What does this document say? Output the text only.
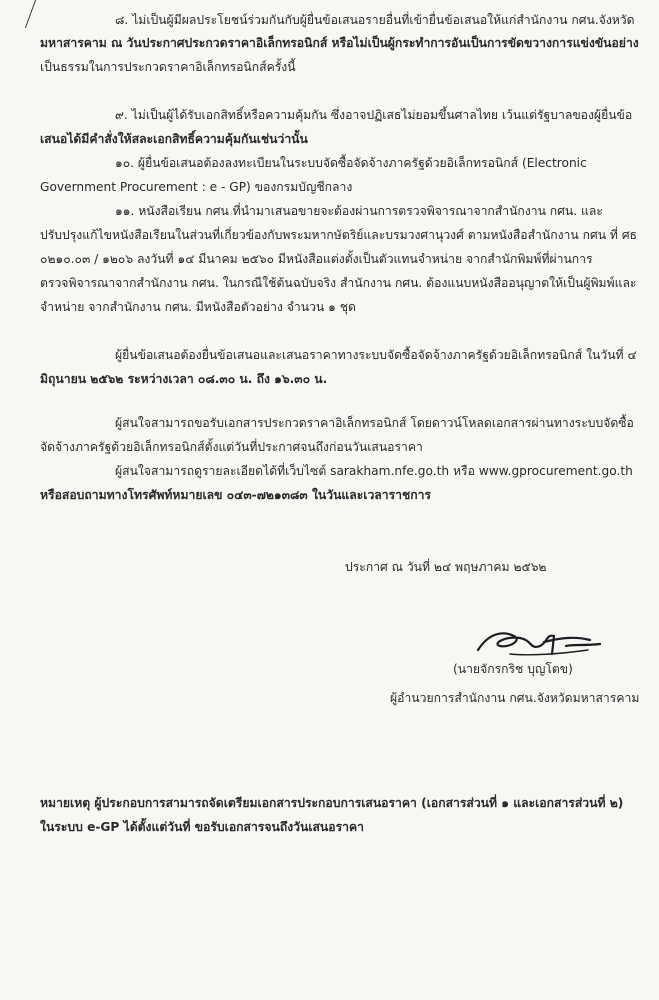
๘. ไม่เป็นผู้มีผลประโยชน์ร่วมกันกับผู้ยื่นข้อเสนอรายอื่นที่เข้ายื่นข้อเสนอให้แก่สำนักงาน กศน.จังหวัด

มหาสารคาม ณ วันประกาศประกวดราคาอิเล็กทรอนิกส์ หรือไม่เป็นผู้กระทำการอันเป็นการขัดขวางการแข่งขันอย่าง

เป็นธรรมในการประกวดราคาอิเล็กทรอนิกส์ครั้งนี้

๙. ไม่เป็นผู้ได้รับเอกสิทธิ์หรือความคุ้มกัน ซึ่งอาจปฏิเสธไม่ยอมขึ้นศาลไทย เว้นแต่รัฐบาลของผู้ยื่นข้อ

เสนอได้มีคำสั่งให้สละเอกสิทธิ์ความคุ้มกันเช่นว่านั้น

๑๐. ผู้ยื่นข้อเสนอต้องลงทะเบียนในระบบจัดซื้อจัดจ้างภาครัฐด้วยอิเล็กทรอนิกส์ (Electronic

Government Procurement : e - GP) ของกรมบัญชีกลาง

๑๑. หนังสือเรียน กศน ที่นำมาเสนอขายจะต้องผ่านการตรวจพิจารณาจากสำนักงาน กศน. และ

ปรับปรุงแก้ไขหนังสือเรียนในส่วนที่เกี่ยวข้องกับพระมหากษัตริย์และบรมวงศานุวงศ์ ตามหนังสือสำนักงาน กศน ที่ ศธ

๐๒๑๐.๐๓ / ๑๒๐๖ ลงวันที่ ๑๔ มีนาคม ๒๕๖๐ มีหนังสือแต่งตั้งเป็นตัวแทนจำหน่าย จากสำนักพิมพ์ที่ผ่านการ

ตรวจพิจารณาจากสำนักงาน กศน. ในกรณีใช้ต้นฉบับจริง สำนักงาน กศน. ต้องแนบหนังสืออนุญาตให้เป็นผู้พิมพ์และ

จำหน่าย จากสำนักงาน กศน. มีหนังสือตัวอย่าง จำนวน ๑ ชุด

ผู้ยื่นข้อเสนอต้องยื่นข้อเสนอและเสนอราคาทางระบบจัดซื้อจัดจ้างภาครัฐด้วยอิเล็กทรอนิกส์ ในวันที่ ๔

มิถุนายน ๒๕๖๒ ระหว่างเวลา ๐๘.๓๐ น. ถึง ๑๖.๓๐ น.

ผู้สนใจสามารถขอรับเอกสารประกวดราคาอิเล็กทรอนิกส์ โดยดาวน์โหลดเอกสารผ่านทางระบบจัดซื้อ

จัดจ้างภาครัฐด้วยอิเล็กทรอนิกส์ตั้งแต่วันที่ประกาศจนถึงก่อนวันเสนอราคา

ผู้สนใจสามารถดูรายละเอียดได้ที่เว็บไซต์ sarakham.nfe.go.th หรือ www.gprocurement.go.th

หรือสอบถามทางโทรศัพท์หมายเลข ๐๔๓-๗๒๑๓๘๓ ในวันและเวลาราชการ

ประกาศ ณ วันที่ ๒๔ พฤษภาคม ๒๕๖๒

(นายจักรกริช บุญโตข)

ผู้อำนวยการสำนักงาน กศน.จังหวัดมหาสารคาม

หมายเหตุ ผู้ประกอบการสามารถจัดเตรียมเอกสารประกอบการเสนอราคา (เอกสารส่วนที่ ๑ และเอกสารส่วนที่ ๒)

ในระบบ e-GP ได้ตั้งแต่วันที่ ขอรับเอกสารจนถึงวันเสนอราคา
